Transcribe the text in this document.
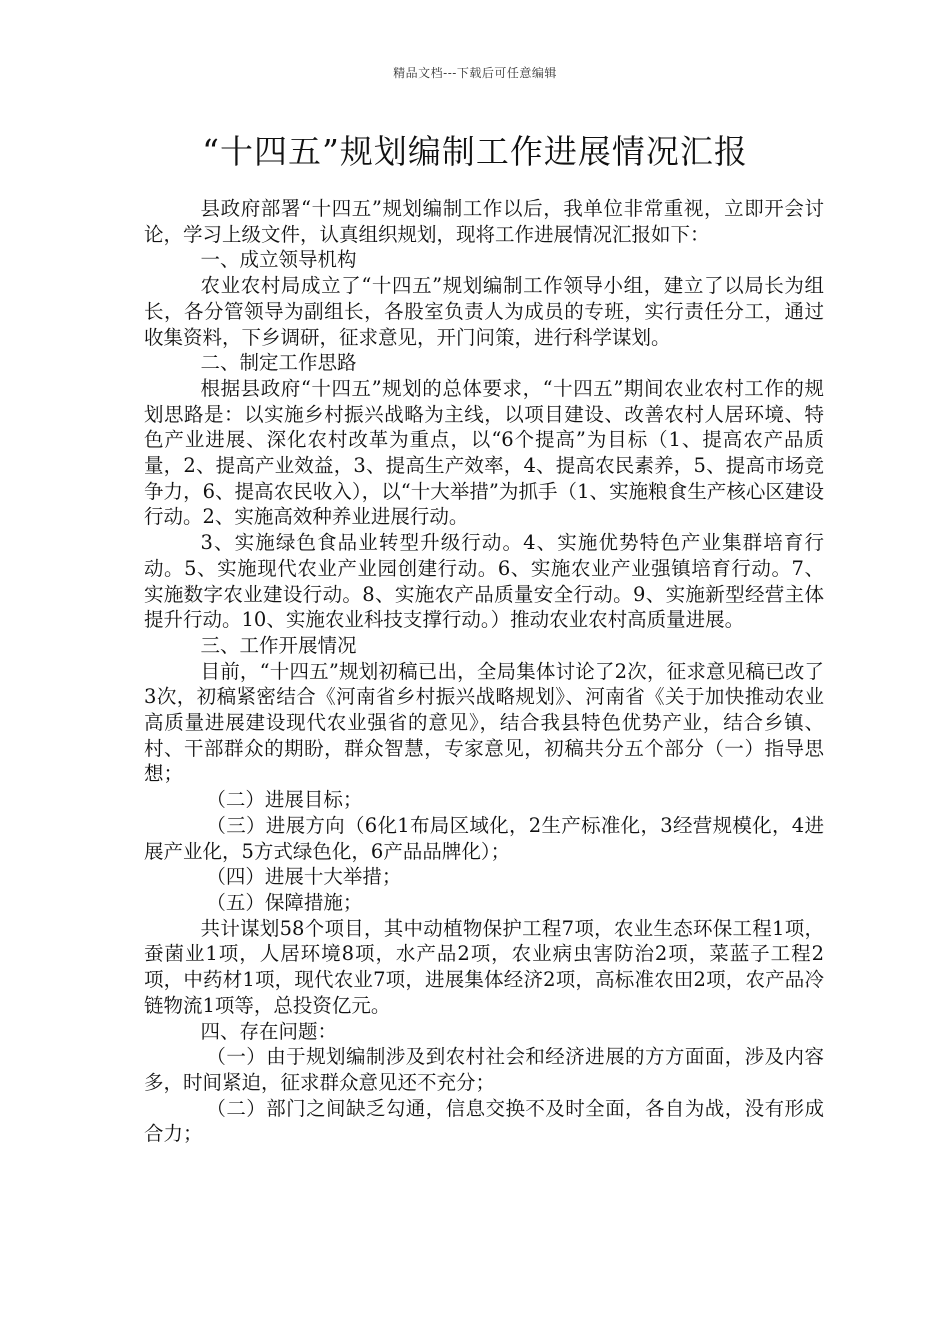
精品文档---下载后可任意编辑
“十四五”规划编制工作进展情况汇报

县政府部署“十四五”规划编制工作以后，我单位非常重视，立即开会讨论，学习上级文件，认真组织规划，现将工作进展情况汇报如下：

一、成立领导机构

农业农村局成立了“十四五”规划编制工作领导小组，建立了以局长为组长，各分管领导为副组长，各股室负责人为成员的专班，实行责任分工，通过收集资料，下乡调研，征求意见，开门问策，进行科学谋划。

二、制定工作思路

根据县政府“十四五”规划的总体要求，“十四五”期间农业农村工作的规划思路是：以实施乡村振兴战略为主线，以项目建设、改善农村人居环境、特色产业进展、深化农村改革为重点，以“6个提高”为目标（1、提高农产品质量，2、提高产业效益，3、提高生产效率，4、提高农民素养，5、提高市场竞争力，6、提高农民收入），以“十大举措”为抓手（1、实施粮食生产核心区建设行动。2、实施高效种养业进展行动。

3、实施绿色食品业转型升级行动。4、实施优势特色产业集群培育行动。5、实施现代农业产业园创建行动。6、实施农业产业强镇培育行动。7、实施数字农业建设行动。8、实施农产品质量安全行动。9、实施新型经营主体提升行动。10、实施农业科技支撑行动。）推动农业农村高质量进展。

三、工作开展情况

目前，“十四五”规划初稿已出，全局集体讨论了2次，征求意见稿已改了3次，初稿紧密结合《河南省乡村振兴战略规划》、河南省《关于加快推动农业高质量进展建设现代农业强省的意见》，结合我县特色优势产业，结合乡镇、村、干部群众的期盼，群众智慧，专家意见，初稿共分五个部分（一）指导思想；

（二）进展目标；

（三）进展方向（6化1布局区域化，2生产标准化，3经营规模化，4进展产业化，5方式绿色化，6产品品牌化）；

（四）进展十大举措；

（五）保障措施；

共计谋划58个项目，其中动植物保护工程7项，农业生态环保工程1项，蚕菌业1项，人居环境8项，水产品2项，农业病虫害防治2项，菜蓝子工程2项，中药材1项，现代农业7项，进展集体经济2项，高标准农田2项，农产品冷链物流1项等，总投资亿元。

四、存在问题：

（一）由于规划编制涉及到农村社会和经济进展的方方面面，涉及内容多，时间紧迫，征求群众意见还不充分；

（二）部门之间缺乏勾通，信息交换不及时全面，各自为战，没有形成合力；
